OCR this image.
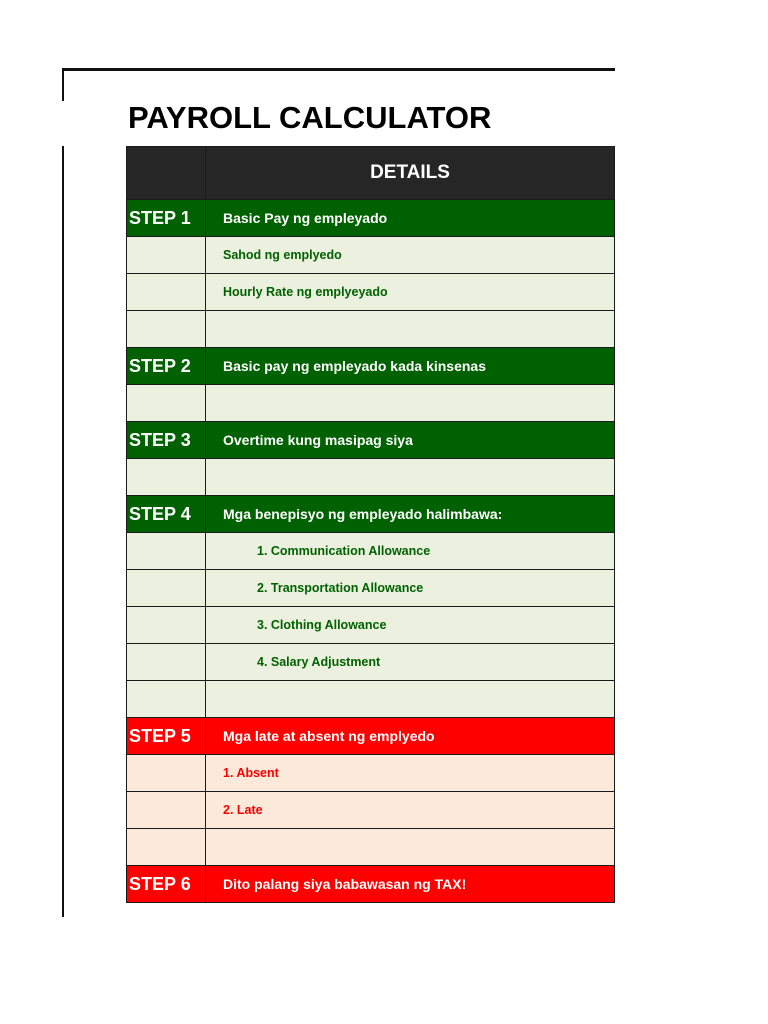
PAYROLL CALCULATOR
	DETAILS

STEP 1	Basic Pay ng empleyado

	Sahod ng emplyedo

	Hourly Rate ng emplyeyado

STEP 2	Basic pay ng empleyado kada kinsenas

STEP 3	Overtime kung masipag siya

STEP 4	Mga benepisyo ng empleyado halimbawa:

	1. Communication Allowance

	2. Transportation Allowance

	3. Clothing Allowance

	4. Salary Adjustment

STEP 5	Mga late at absent ng emplyedo

	1. Absent

	2. Late

STEP 6	Dito palang siya babawasan ng TAX!
